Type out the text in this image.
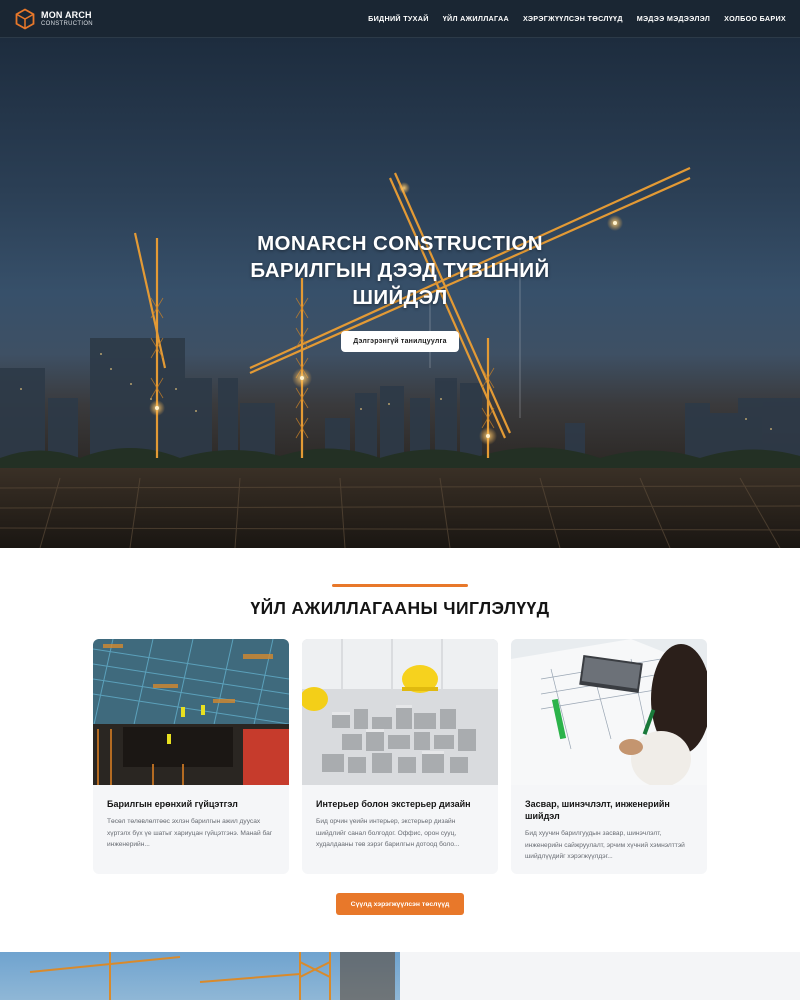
MON ARCH
CONSTRUCTION
БИДНИЙ ТУХАЙ ҮЙЛ АЖИЛЛАГАА ХЭРЭГЖҮҮЛСЭН ТӨСЛҮҮД МЭДЭЭ МЭДЭЭЛЭЛ ХОЛБОО БАРИХ
MONARCH CONSTRUCTION
БАРИЛГЫН ДЭЭД ТҮВШНИЙ
ШИЙДЭЛ
Дэлгэрэнгүй танилцуулга
ҮЙЛ АЖИЛЛАГААНЫ ЧИГЛЭЛҮҮД
Барилгын ерөнхий гүйцэтгэл
Төсөл төлөвлөлтөөс эхлэн барилгын ажил дуусах хүртэлх бүх үе шатыг хариуцан гүйцэтгэнэ. Манай баг инженерийн...
Интерьер болон экстерьер дизайн
Бид орчин үеийн интерьер, экстерьер дизайн шийдлийг санал болгодог. Оффис, орон сууц, худалдааны төв зэрэг барилгын дотоод боло...
Засвар, шинэчлэлт, инженерийн шийдэл
Бид хуучин барилгуудын засвар, шинэчлэлт, инженерийн сайжруулалт, эрчим хүчний хэмнэлттэй шийдлүүдийг хэрэгжүүлдэг...
Сүүлд хэрэгжүүлсэн төслүүд
